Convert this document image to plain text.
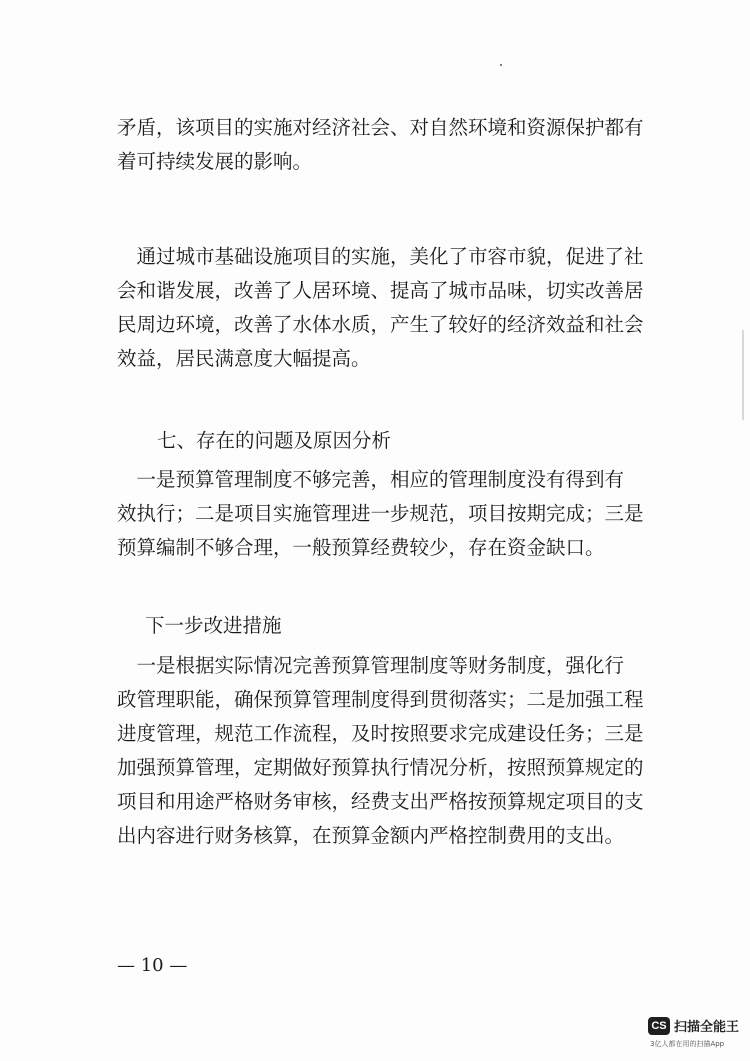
矛盾，该项目的实施对经济社会、对自然环境和资源保护都有
着可持续发展的影响。

　通过城市基础设施项目的实施，美化了市容市貌，促进了社
会和谐发展，改善了人居环境、提高了城市品味，切实改善居
民周边环境，改善了水体水质，产生了较好的经济效益和社会
效益，居民满意度大幅提高。

七、存在的问题及原因分析

　一是预算管理制度不够完善，相应的管理制度没有得到有
效执行；二是项目实施管理进一步规范，项目按期完成；三是
预算编制不够合理，一般预算经费较少，存在资金缺口。

下一步改进措施

　一是根据实际情况完善预算管理制度等财务制度，强化行
政管理职能，确保预算管理制度得到贯彻落实；二是加强工程
进度管理，规范工作流程，及时按照要求完成建设任务；三是
加强预算管理，定期做好预算执行情况分析，按照预算规定的
项目和用途严格财务审核，经费支出严格按预算规定项目的支
出内容进行财务核算，在预算金额内严格控制费用的支出。

— 10 —
CS 扫描全能王
3亿人都在用的扫描App
